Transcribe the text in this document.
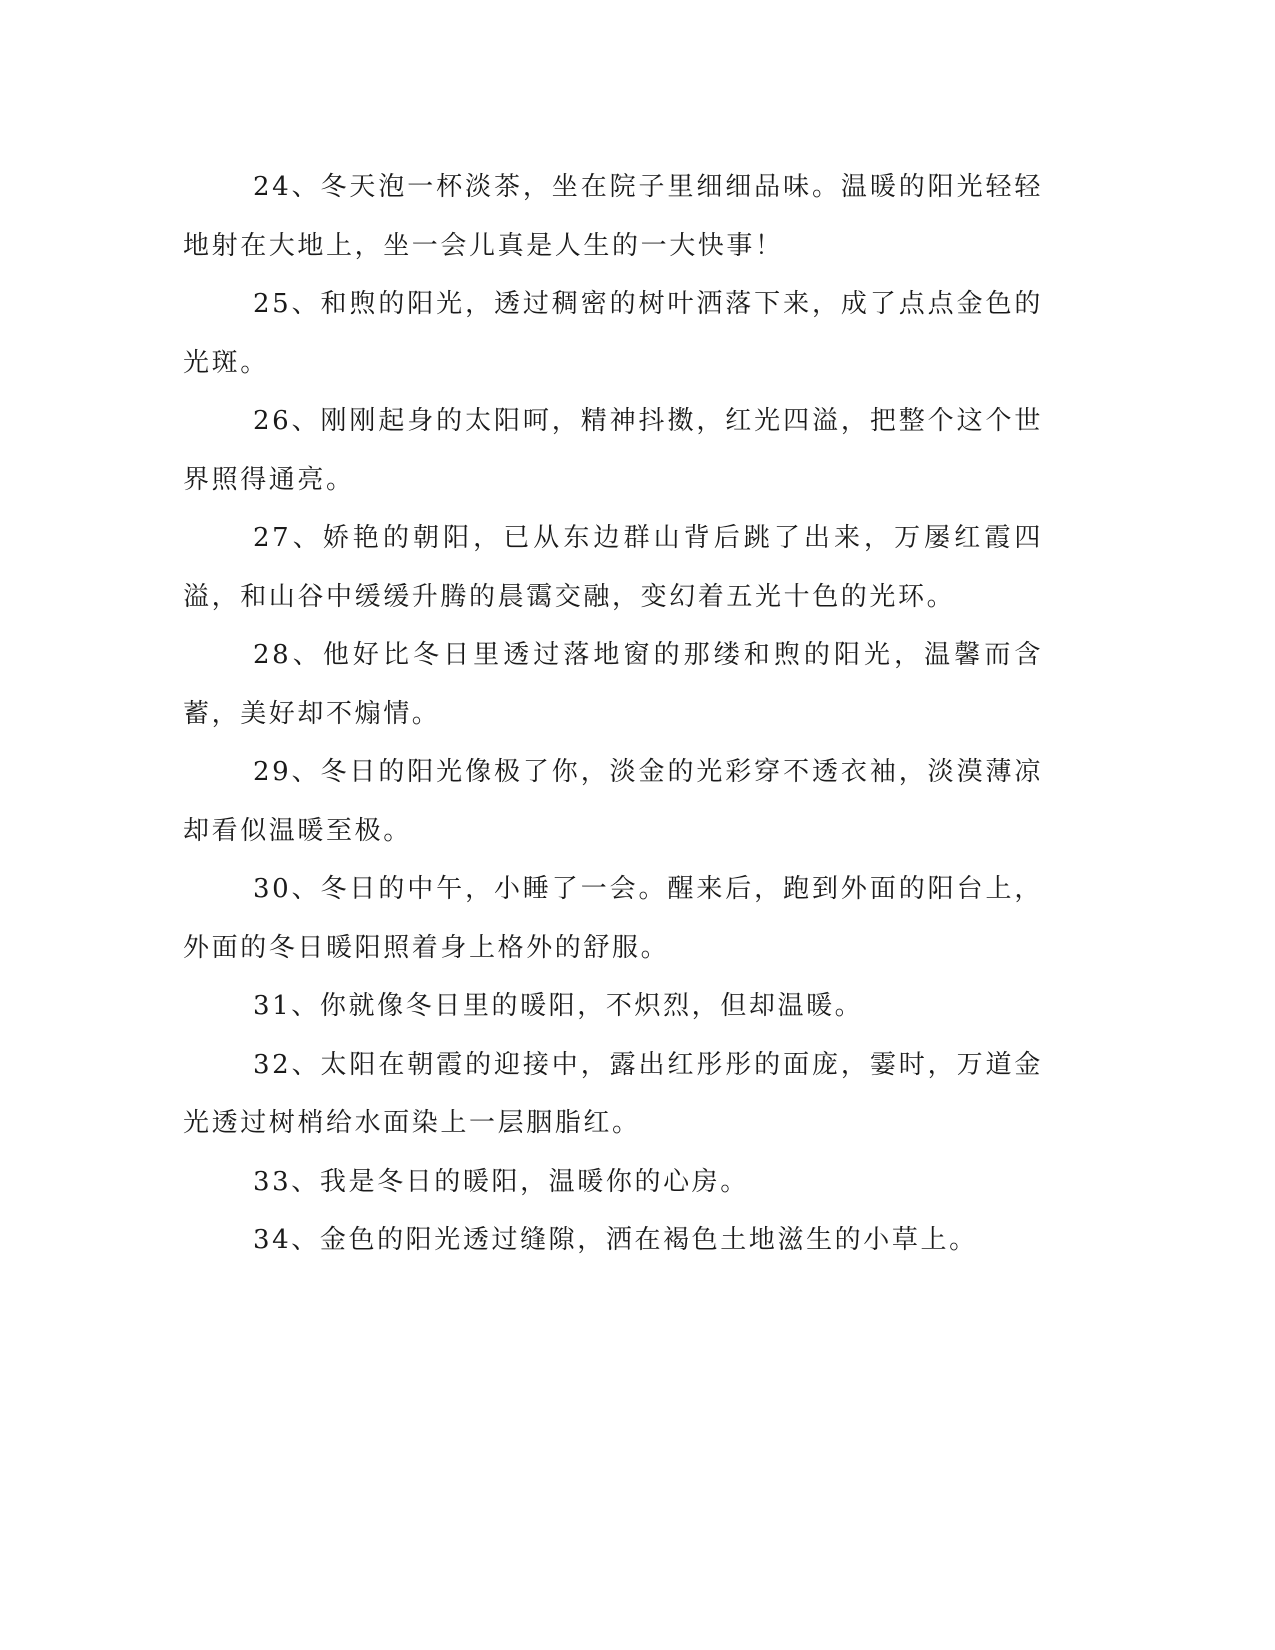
24、冬天泡一杯淡茶，坐在院子里细细品味。温暖的阳光轻轻地射在大地上，坐一会儿真是人生的一大快事！

25、和煦的阳光，透过稠密的树叶洒落下来，成了点点金色的光斑。

26、刚刚起身的太阳呵，精神抖擞，红光四溢，把整个这个世界照得通亮。

27、娇艳的朝阳，已从东边群山背后跳了出来，万屡红霞四溢，和山谷中缓缓升腾的晨霭交融，变幻着五光十色的光环。

28、他好比冬日里透过落地窗的那缕和煦的阳光，温馨而含蓄，美好却不煽情。

29、冬日的阳光像极了你，淡金的光彩穿不透衣袖，淡漠薄凉却看似温暖至极。

30、冬日的中午，小睡了一会。醒来后，跑到外面的阳台上，外面的冬日暖阳照着身上格外的舒服。

31、你就像冬日里的暖阳，不炽烈，但却温暖。

32、太阳在朝霞的迎接中，露出红彤彤的面庞，霎时，万道金光透过树梢给水面染上一层胭脂红。

33、我是冬日的暖阳，温暖你的心房。

34、金色的阳光透过缝隙，洒在褐色土地滋生的小草上。
